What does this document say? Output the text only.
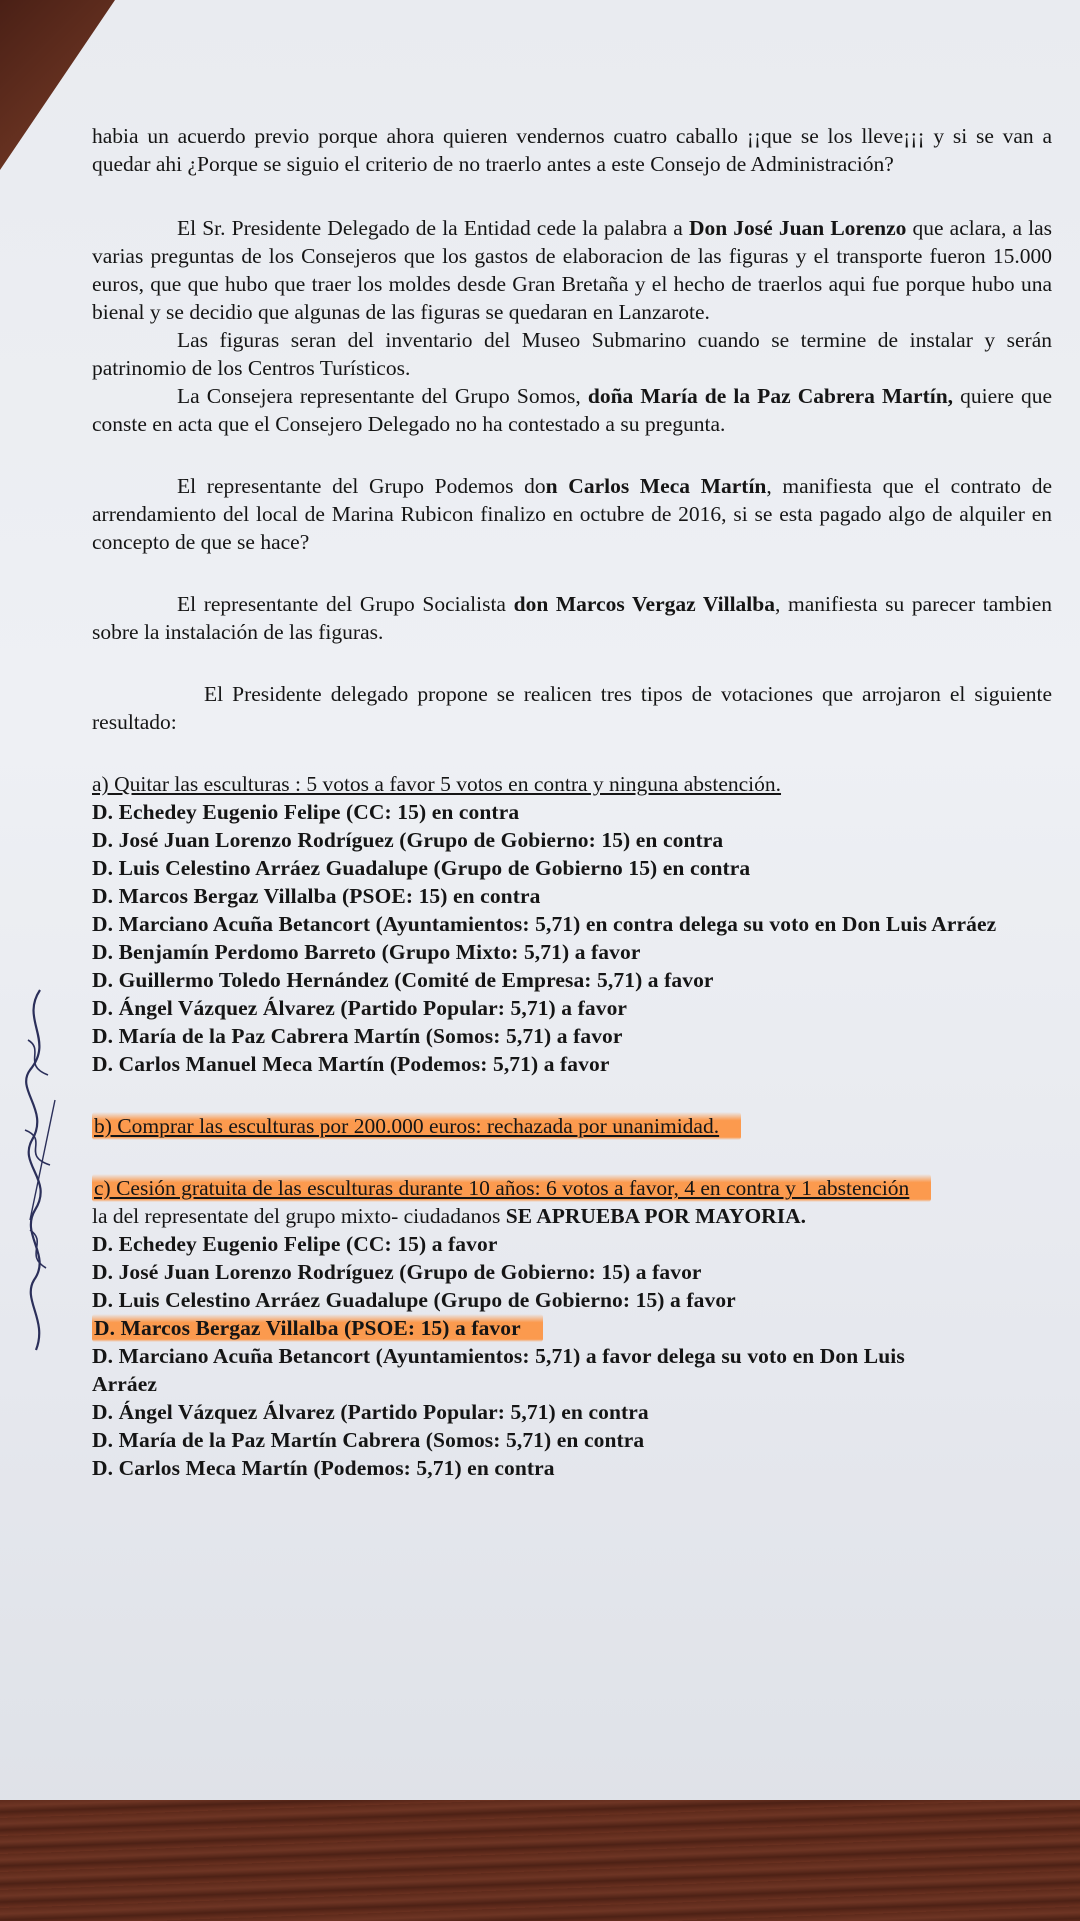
habia un acuerdo previo porque ahora quieren vendernos cuatro caballo ¡¡que se los lleve¡¡¡ y si se van a quedar ahi ¿Porque se siguio el criterio de no traerlo antes a este Consejo de Administración?

El Sr. Presidente Delegado de la Entidad cede la palabra a Don José Juan Lorenzo que aclara, a las varias preguntas de los Consejeros que los gastos de elaboracion de las figuras y el transporte fueron 15.000 euros, que que hubo que traer los moldes desde Gran Bretaña y el hecho de traerlos aqui fue porque hubo una bienal y se decidio que algunas de las figuras se quedaran en Lanzarote.

Las figuras seran del inventario del Museo Submarino cuando se termine de instalar y serán patrinomio de los Centros Turísticos.

La Consejera representante del Grupo Somos, doña María de la Paz Cabrera Martín, quiere que conste en acta que el Consejero Delegado no ha contestado a su pregunta.

El representante del Grupo Podemos don Carlos Meca Martín, manifiesta que el contrato de arrendamiento del local de Marina Rubicon finalizo en octubre de 2016, si se esta pagado algo de alquiler en concepto de que se hace?

El representante del Grupo Socialista don Marcos Vergaz Villalba, manifiesta su parecer tambien sobre la instalación de las figuras.

El Presidente delegado propone se realicen tres tipos de votaciones que arrojaron el siguiente resultado:

a) Quitar las esculturas : 5 votos a favor 5 votos en contra y ninguna abstención.

D. Echedey Eugenio Felipe (CC: 15) en contra

D. José Juan Lorenzo Rodríguez (Grupo de Gobierno: 15) en contra

D. Luis Celestino Arráez Guadalupe (Grupo de Gobierno 15) en contra

D. Marcos Bergaz Villalba (PSOE: 15) en contra

D. Marciano Acuña Betancort (Ayuntamientos: 5,71) en contra delega su voto en Don Luis Arráez

D. Benjamín Perdomo Barreto (Grupo Mixto: 5,71) a favor

D. Guillermo Toledo Hernández (Comité de Empresa: 5,71) a favor

D. Ángel Vázquez Álvarez (Partido Popular: 5,71) a favor

D. María de la Paz Cabrera Martín (Somos: 5,71) a favor

D. Carlos Manuel Meca Martín (Podemos: 5,71) a favor

b) Comprar las esculturas por 200.000 euros: rechazada por unanimidad.

c) Cesión gratuita de las esculturas durante 10 años: 6 votos a favor, 4 en contra y 1 abstención

la del representate del grupo mixto- ciudadanos SE APRUEBA POR MAYORIA.

D. Echedey Eugenio Felipe (CC: 15) a favor

D. José Juan Lorenzo Rodríguez (Grupo de Gobierno: 15) a favor

D. Luis Celestino Arráez Guadalupe (Grupo de Gobierno: 15) a favor

D. Marcos Bergaz Villalba (PSOE: 15) a favor

D. Marciano Acuña Betancort (Ayuntamientos: 5,71) a favor delega su voto en Don Luis

Arráez

D. Ángel Vázquez Álvarez (Partido Popular: 5,71) en contra

D. María de la Paz Martín Cabrera (Somos: 5,71) en contra

D. Carlos Meca Martín (Podemos: 5,71) en contra
